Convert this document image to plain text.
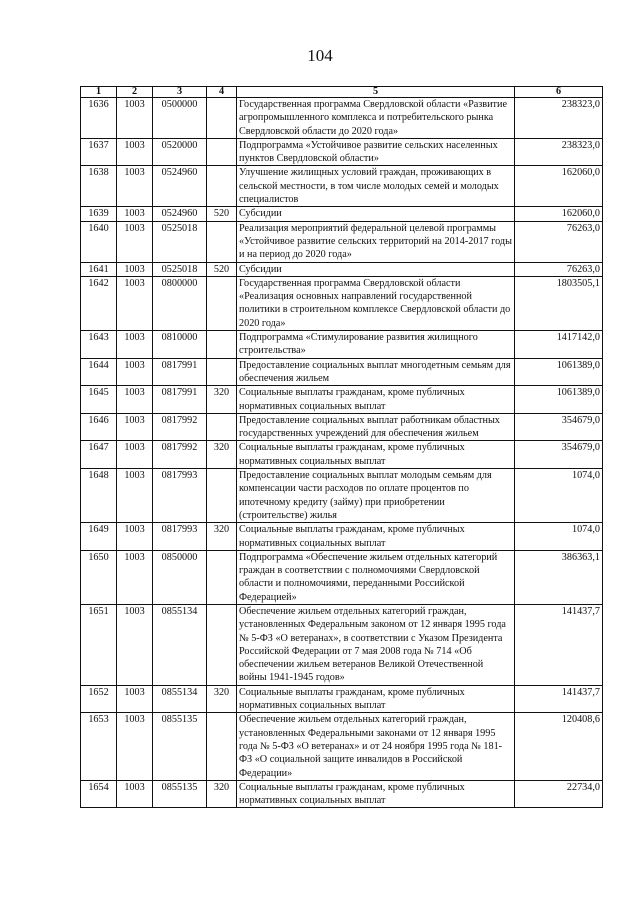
104
1	2	3	4	5	6
1636	1003	0500000		Государственная программа Свердловской области «Развитие агропромышленного комплекса и потребительского рынка Свердловской области до 2020 года»	238323,0
1637	1003	0520000		Подпрограмма «Устойчивое развитие сельских населенных пунктов Свердловской области»	238323,0
1638	1003	0524960		Улучшение жилищных условий граждан, проживающих в сельской местности, в том числе молодых семей и молодых специалистов	162060,0
1639	1003	0524960	520	Субсидии	162060,0
1640	1003	0525018		Реализация мероприятий федеральной целевой программы «Устойчивое развитие сельских территорий на 2014-2017 годы и на период до 2020 года»	76263,0
1641	1003	0525018	520	Субсидии	76263,0
1642	1003	0800000		Государственная программа Свердловской области «Реализация основных направлений государственной политики в строительном комплексе Свердловской области до 2020 года»	1803505,1
1643	1003	0810000		Подпрограмма «Стимулирование развития жилищного строительства»	1417142,0
1644	1003	0817991		Предоставление социальных выплат многодетным семьям для обеспечения жильем	1061389,0
1645	1003	0817991	320	Социальные выплаты гражданам, кроме публичных нормативных социальных выплат	1061389,0
1646	1003	0817992		Предоставление социальных выплат работникам областных государственных учреждений для обеспечения жильем	354679,0
1647	1003	0817992	320	Социальные выплаты гражданам, кроме публичных нормативных социальных выплат	354679,0
1648	1003	0817993		Предоставление социальных выплат молодым семьям для компенсации части расходов по оплате процентов по ипотечному кредиту (займу) при приобретении (строительстве) жилья	1074,0
1649	1003	0817993	320	Социальные выплаты гражданам, кроме публичных нормативных социальных выплат	1074,0
1650	1003	0850000		Подпрограмма «Обеспечение жильем отдельных категорий граждан в соответствии с полномочиями Свердловской области и полномочиями, переданными Российской Федерацией»	386363,1
1651	1003	0855134		Обеспечение жильем отдельных категорий граждан, установленных Федеральным законом от 12 января 1995 года № 5-ФЗ «О ветеранах», в соответствии с Указом Президента Российской Федерации от 7 мая 2008 года № 714 «Об обеспечении жильем ветеранов Великой Отечественной войны 1941-1945 годов»	141437,7
1652	1003	0855134	320	Социальные выплаты гражданам, кроме публичных нормативных социальных выплат	141437,7
1653	1003	0855135		Обеспечение жильем отдельных категорий граждан, установленных Федеральными законами от 12 января 1995 года № 5-ФЗ «О ветеранах» и от 24 ноября 1995 года № 181-ФЗ «О социальной защите инвалидов в Российской Федерации»	120408,6
1654	1003	0855135	320	Социальные выплаты гражданам, кроме публичных нормативных социальных выплат	22734,0
